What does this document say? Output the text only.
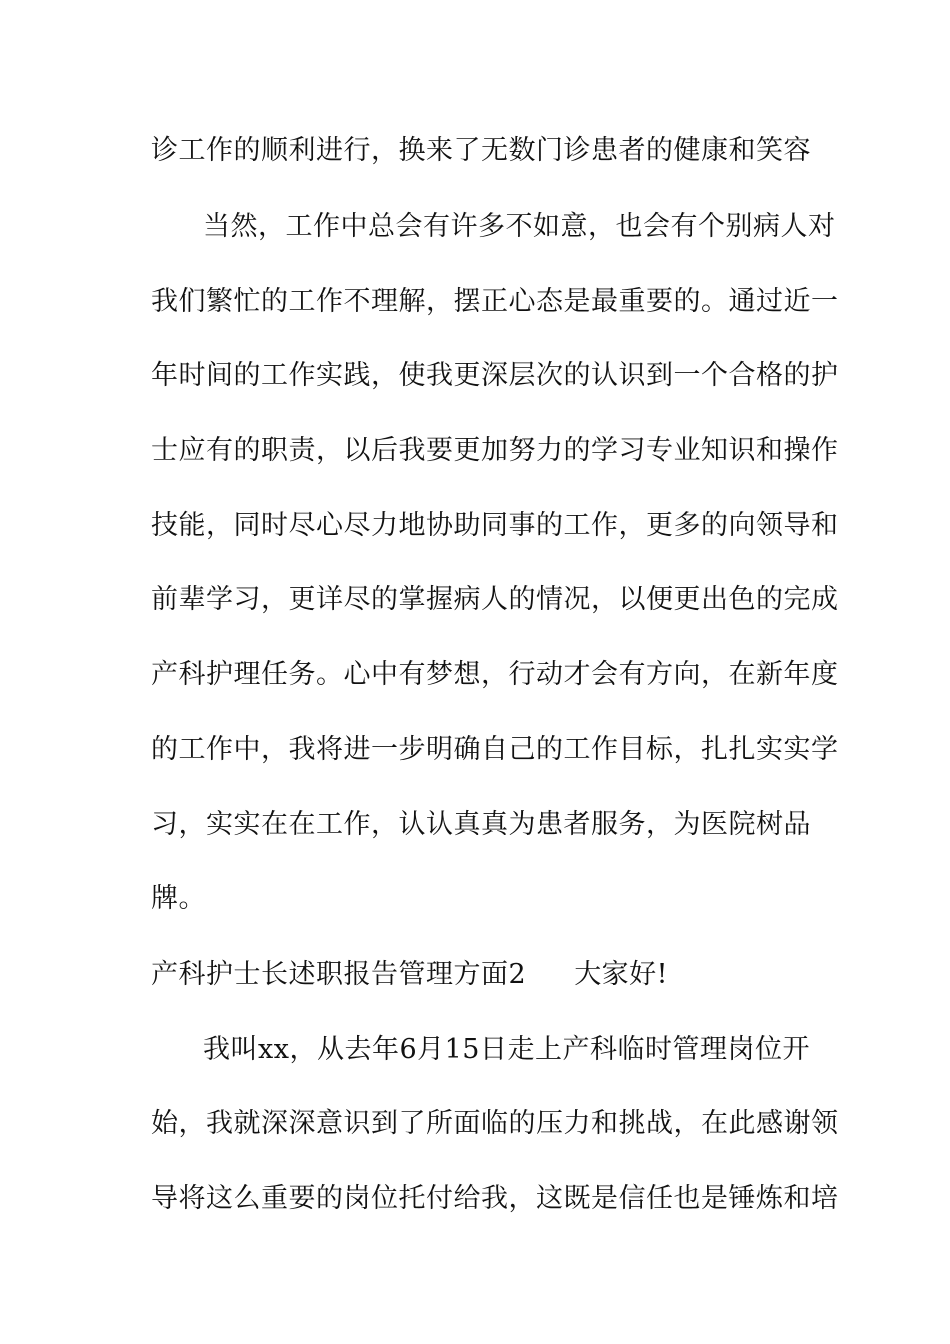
诊工作的顺利进行，换来了无数门诊患者的健康和笑容
当然，工作中总会有许多不如意，也会有个别病人对
我们繁忙的工作不理解，摆正心态是最重要的。通过近一
年时间的工作实践，使我更深层次的认识到一个合格的护
士应有的职责，以后我要更加努力的学习专业知识和操作
技能，同时尽心尽力地协助同事的工作，更多的向领导和
前辈学习，更详尽的掌握病人的情况，以便更出色的完成
产科护理任务。心中有梦想，行动才会有方向，在新年度
的工作中，我将进一步明确自己的工作目标，扎扎实实学
习，实实在在工作，认认真真为患者服务，为医院树品
牌。
产科护士长述职报告管理方面2 大家好!
我叫xx，从去年6月15日走上产科临时管理岗位开
始，我就深深意识到了所面临的压力和挑战，在此感谢领
导将这么重要的岗位托付给我，这既是信任也是锤炼和培
